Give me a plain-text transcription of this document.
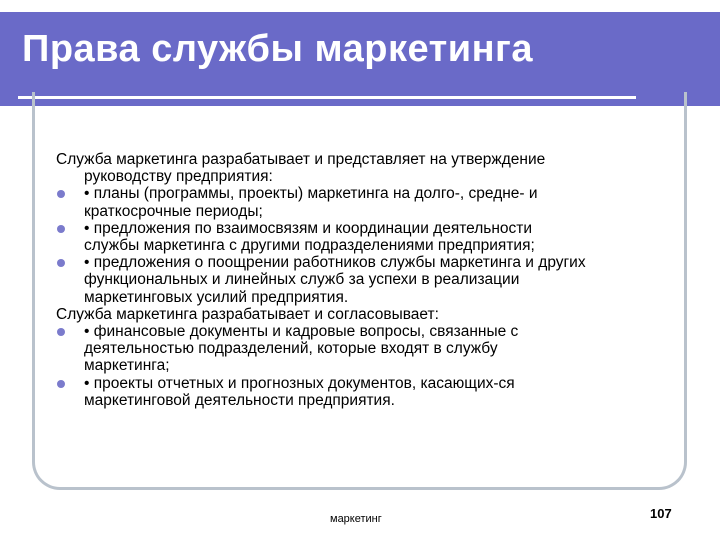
Права службы маркетинга

Служба маркетинга разрабатывает и представляет на утверждение

руководству предприятия:

• планы (программы, проекты) маркетинга на долго-, средне- и
краткосрочные периоды;
• предложения по взаимосвязям и координации деятельности
службы маркетинга с другими подразделениями предприятия;
• предложения о поощрении работников службы маркетинга и других
функциональных и линейных служб за успехи в реализации
маркетинговых усилий предприятия.

Служба маркетинга разрабатывает и согласовывает:

• финансовые документы и кадровые вопросы, связанные с
деятельностью подразделений, которые входят в службу
маркетинга;
• проекты отчетных и прогнозных документов, касающих-ся
маркетинговой деятельности предприятия.
маркетинг	107
